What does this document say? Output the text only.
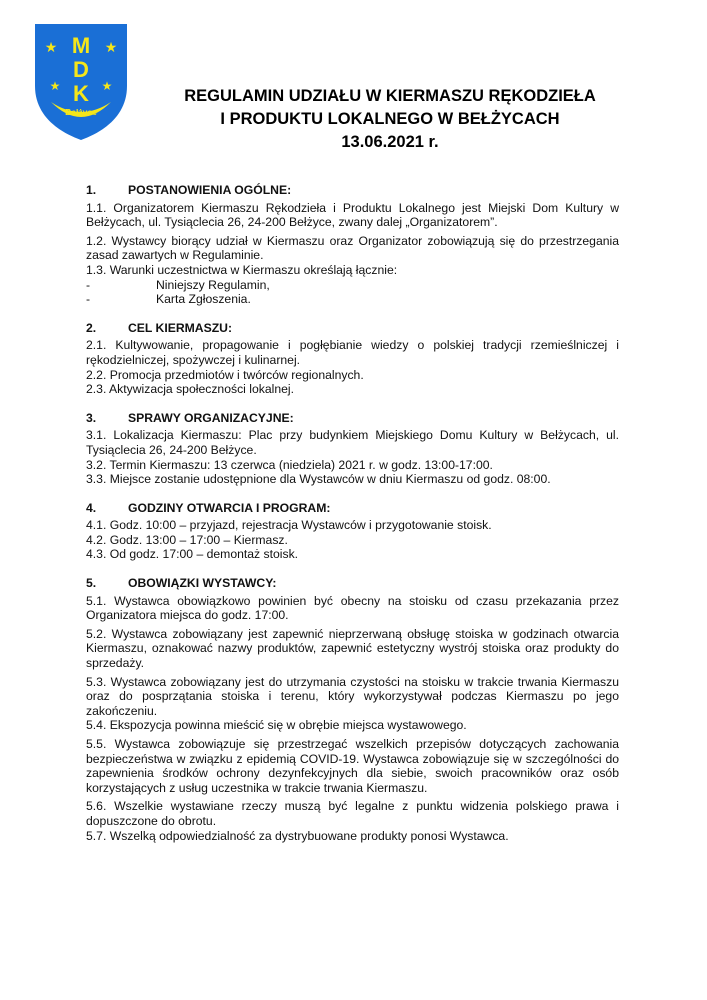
★	★
★	★
M
D
K
Bełżyce
REGULAMIN UDZIAŁU W KIERMASZU RĘKODZIEŁA
I PRODUKTU LOKALNEGO W BEŁŻYCACH
13.06.2021 r.
1.	POSTANOWIENIA OGÓLNE:
1.1. Organizatorem Kiermaszu Rękodzieła i Produktu Lokalnego jest Miejski Dom Kultury w Bełżycach, ul. Tysiąclecia 26, 24-200 Bełżyce, zwany dalej „Organizatorem”.
1.2. Wystawcy biorący udział w Kiermaszu oraz Organizator zobowiązują się do przestrzegania zasad zawartych w Regulaminie.
1.3. Warunki uczestnictwa w Kiermaszu określają łącznie:
-	Niniejszy Regulamin,
-	Karta Zgłoszenia.
2.	CEL KIERMASZU:
2.1. Kultywowanie, propagowanie i pogłębianie wiedzy o polskiej tradycji rzemieślniczej i rękodzielniczej, spożywczej i kulinarnej.
2.2. Promocja przedmiotów i twórców regionalnych.
2.3. Aktywizacja społeczności lokalnej.
3.	SPRAWY ORGANIZACYJNE:
3.1. Lokalizacja Kiermaszu: Plac przy budynkiem Miejskiego Domu Kultury w Bełżycach, ul. Tysiąclecia 26, 24-200 Bełżyce.
3.2. Termin Kiermaszu: 13 czerwca (niedziela) 2021 r. w godz. 13:00-17:00.
3.3. Miejsce zostanie udostępnione dla Wystawców w dniu Kiermaszu od godz. 08:00.
4.	GODZINY OTWARCIA I PROGRAM:
4.1. Godz. 10:00 – przyjazd, rejestracja Wystawców i przygotowanie stoisk.
4.2. Godz. 13:00 – 17:00 – Kiermasz.
4.3. Od godz. 17:00 – demontaż stoisk.
5.	OBOWIĄZKI WYSTAWCY:
5.1. Wystawca obowiązkowo powinien być obecny na stoisku od czasu przekazania przez Organizatora miejsca do godz. 17:00.
5.2. Wystawca zobowiązany jest zapewnić nieprzerwaną obsługę stoiska w godzinach otwarcia Kiermaszu, oznakować nazwy produktów, zapewnić estetyczny wystrój stoiska oraz produkty do sprzedaży.
5.3. Wystawca zobowiązany jest do utrzymania czystości na stoisku w trakcie trwania Kiermaszu oraz do posprzątania stoiska i terenu, który wykorzystywał podczas Kiermaszu po jego zakończeniu.
5.4. Ekspozycja powinna mieścić się w obrębie miejsca wystawowego.
5.5. Wystawca zobowiązuje się przestrzegać wszelkich przepisów dotyczących zachowania bezpieczeństwa w związku z epidemią COVID-19. Wystawca zobowiązuje się w szczególności do zapewnienia środków ochrony dezynfekcyjnych dla siebie, swoich pracowników oraz osób korzystających z usług uczestnika w trakcie trwania Kiermaszu.
5.6. Wszelkie wystawiane rzeczy muszą być legalne z punktu widzenia polskiego prawa i dopuszczone do obrotu.
5.7. Wszelką odpowiedzialność za dystrybuowane produkty ponosi Wystawca.
